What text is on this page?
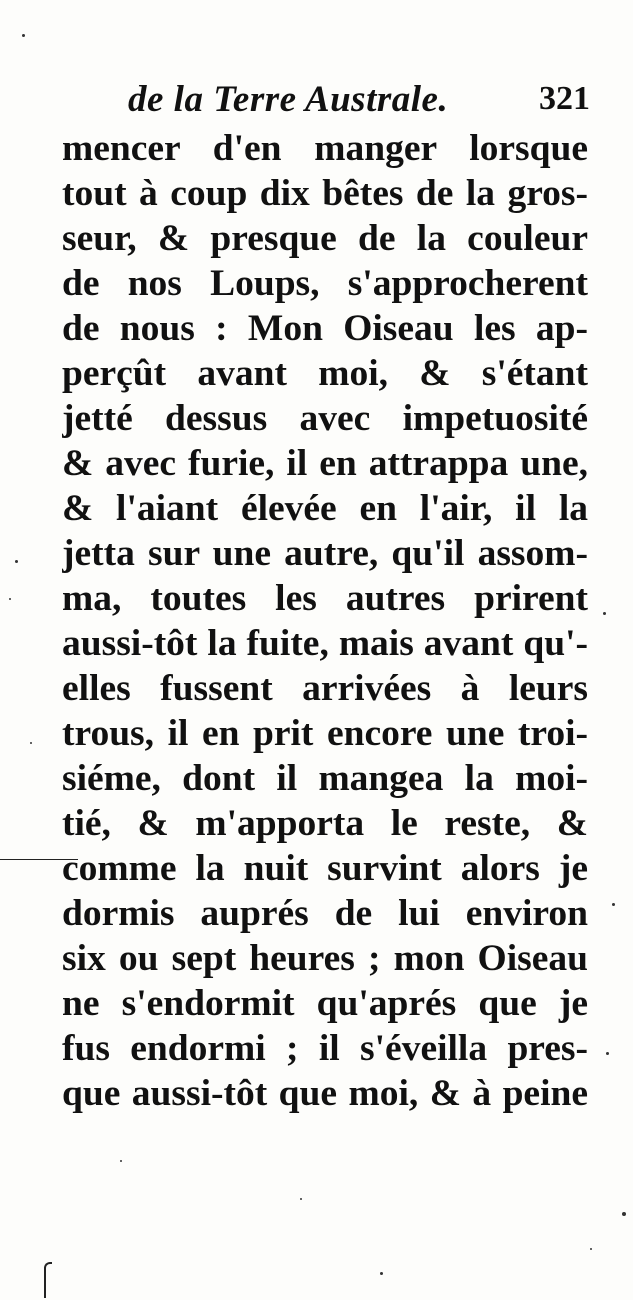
de la Terre Australe.	321
mencer d'en manger lorsque
tout à coup dix bêtes de la gros-
seur, & presque de la couleur
de nos Loups, s'approcherent
de nous : Mon Oiseau les ap-
perçût avant moi, & s'étant
jetté dessus avec impetuosité
& avec furie, il en attrappa une,
& l'aiant élevée en l'air, il la
jetta sur une autre, qu'il assom-
ma, toutes les autres prirent
aussi-tôt la fuite, mais avant qu'-
elles fussent arrivées à leurs
trous, il en prit encore une troi-
siéme, dont il mangea la moi-
tié, & m'apporta le reste, &
comme la nuit survint alors je
dormis auprés de lui environ
six ou sept heures ; mon Oiseau
ne s'endormit qu'aprés que je
fus endormi ; il s'éveilla pres-
que aussi-tôt que moi, & à peine
